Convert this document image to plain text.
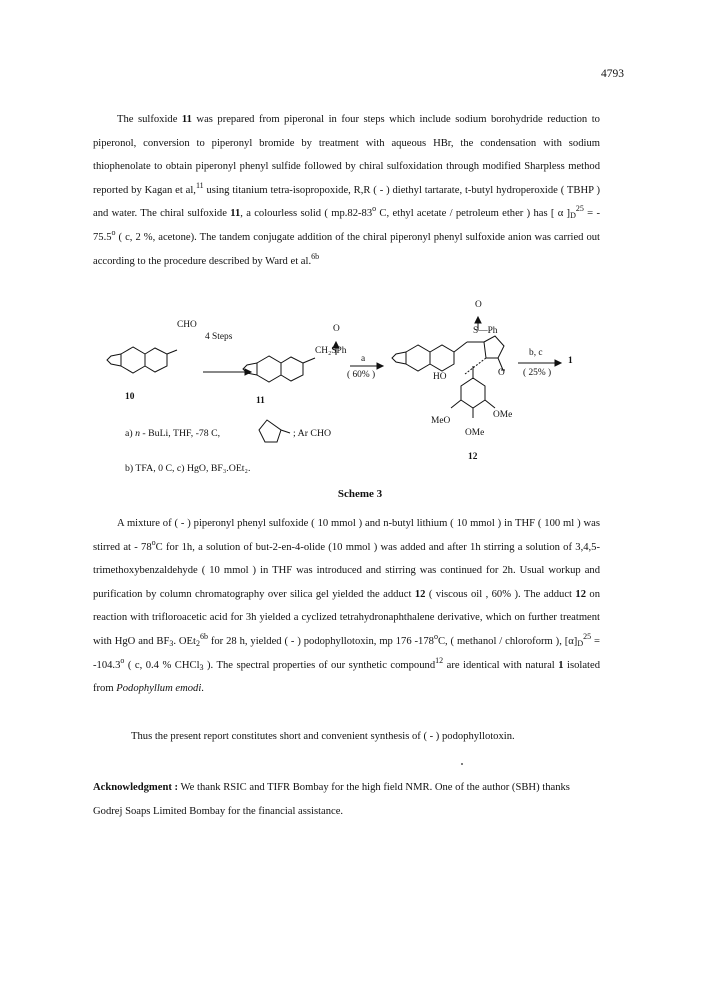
4793

The sulfoxide 11 was prepared from piperonal in four steps which include sodium borohydride reduction to piperonol, conversion to piperonyl bromide by treatment with aqueous HBr, the condensation with sodium thiophenolate to obtain piperonyl phenyl sulfide followed by chiral sulfoxidation through modified Sharpless method reported by Kagan et al,$^{11}$ using titanium tetra-isopropoxide, R,R ( - ) diethyl tartarate, t-butyl hydroperoxide ( TBHP ) and water. The chiral sulfoxide 11, a colourless solid ( mp.82-83$^o$ C, ethyl acetate / petroleum ether ) has [ α ]$_D^{25}$ = - 75.5$^o$ ( c, 2 %, acetone). The tandem conjugate addition of the chiral piperonyl phenyl sulfoxide anion was carried out according to the procedure described by Ward et al.$^{6b}$

CHO
4 Steps
O
CH₂SPh
a
( 60% )
O
S—Ph
HO	O
MeO
OMe
OMe
b, c
( 25% )
1
10	11
12
a) n - BuLi, THF, -78 C,	; Ar CHO
b) TFA, 0 C, c) HgO, BF₃.OEt₂.
Scheme 3

A mixture of ( - ) piperonyl phenyl sulfoxide ( 10 mmol ) and n-butyl lithium ( 10 mmol ) in THF ( 100 ml ) was stirred at - 78$^o$C for 1h, a solution of but-2-en-4-olide (10 mmol ) was added and after 1h stirring a solution of 3,4,5-trimethoxybenzaldehyde ( 10 mmol ) in THF was introduced and stirring was continued for 2h. Usual workup and purification by column chromatography over silica gel yielded the adduct 12 ( viscous oil , 60% ). The adduct 12 on reaction with trifloroacetic acid for 3h yielded a cyclized tetrahydronaphthalene derivative, which on further treatment with HgO and $BF_3$. OEt$_2^{6b}$ for 28 h, yielded ( - ) podophyllotoxin, mp 176 -178$^o$C, ( methanol / chloroform ), $[\alpha]_D^{25} = -104.3^o$ ( c, 0.4 % CHCl$_3$ ). The spectral properties of our synthetic compound$^{12}$ are identical with natural 1 isolated from Podophyllum emodi.

Thus the present report constitutes short and convenient synthesis of ( - ) podophyllotoxin.

Acknowledgment : We thank RSIC and TIFR Bombay for the high field NMR. One of the author (SBH) thanks Godrej Soaps Limited Bombay for the financial assistance.
